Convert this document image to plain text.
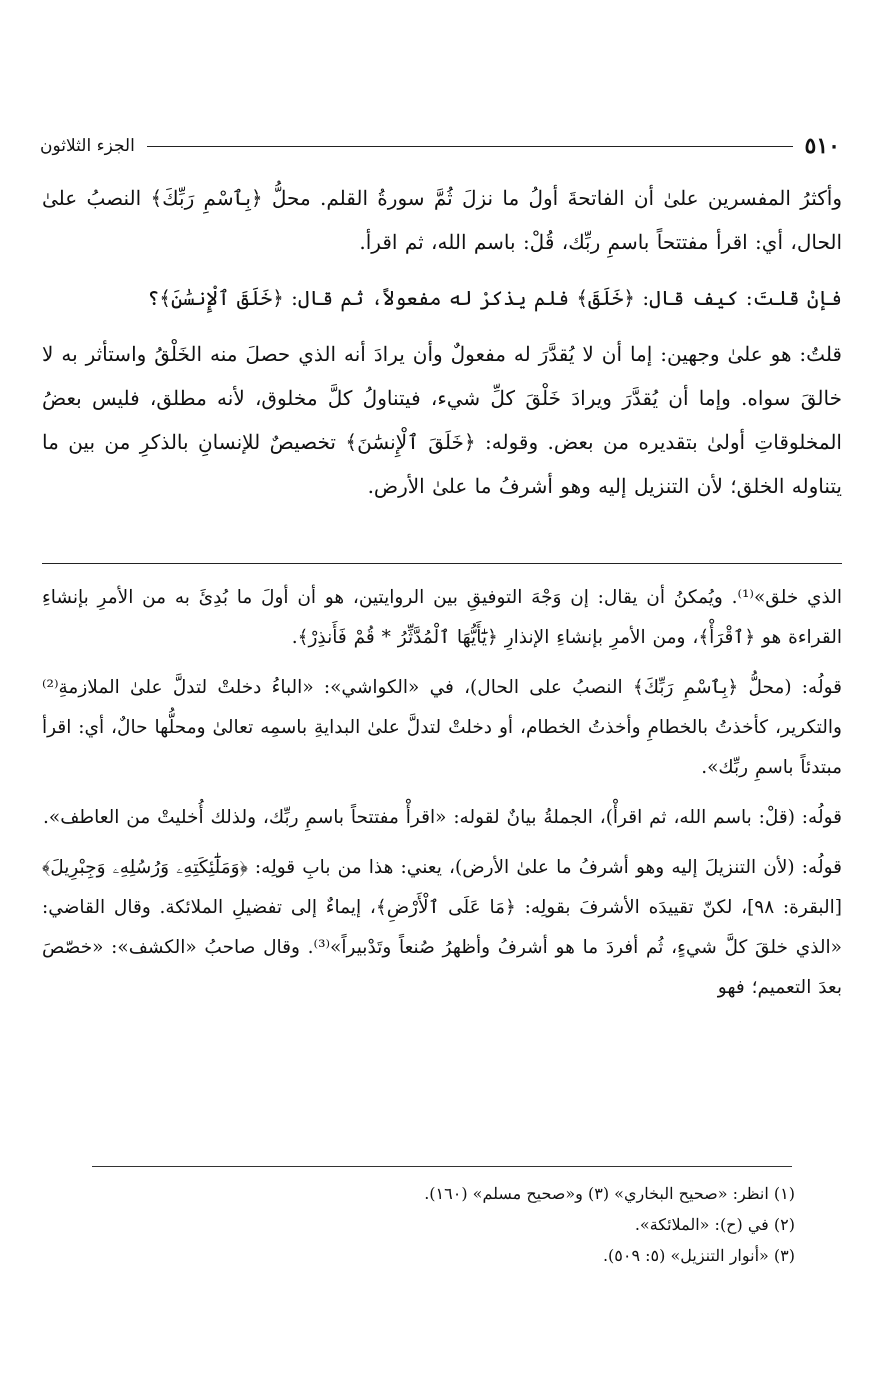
٥١٠
الجزء الثلاثون

وأكثرُ المفسرين علىٰ أن الفاتحةَ أولُ ما نزلَ ثُمَّ سورةُ القلم. محلُّ ﴿بِٱسْمِ رَبِّكَ﴾ النصبُ علىٰ الحال، أي: اقرأ مفتتحاً باسمِ ربِّك، قُلْ: باسم الله، ثم اقرأ.

فإنْ قلتَ: كيف قال: ﴿خَلَقَ﴾ فلم يذكرْ له مفعولاً، ثم قال: ﴿خَلَقَ ٱلْإِنسَٰنَ﴾؟

قلتُ: هو علىٰ وجهين: إما أن لا يُقدَّرَ له مفعولٌ وأن يرادَ أنه الذي حصلَ منه الخَلْقُ واستأثر به لا خالقَ سواه. وإما أن يُقدَّرَ ويرادَ خَلْقَ كلِّ شيء، فيتناولُ كلَّ مخلوق، لأنه مطلق، فليس بعضُ المخلوقاتِ أولىٰ بتقديره من بعض. وقوله: ﴿خَلَقَ ٱلْإِنسَٰنَ﴾ تخصيصٌ للإنسانِ بالذكرِ من بين ما يتناوله الخلق؛ لأن التنزيل إليه وهو أشرفُ ما علىٰ الأرض.

الذي خلق»⁽¹⁾. ويُمكنُ أن يقال: إن وَجْهَ التوفيقِ بين الروايتين، هو أن أولَ ما بُدِئَ به من الأمرِ بإنشاءِ القراءة هو ﴿ٱقْرَأْ﴾، ومن الأمرِ بإنشاءِ الإنذارِ ﴿يَٰٓأَيُّهَا ٱلْمُدَّثِّرُ * قُمْ فَأَنذِرْ﴾.

قولُه: (محلُّ ﴿بِٱسْمِ رَبِّكَ﴾ النصبُ على الحال)، في «الكواشي»: «الباءُ دخلتْ لتدلَّ علىٰ الملازمةِ⁽²⁾ والتكرير، كأخذتُ بالخطامِ وأخذتُ الخطام، أو دخلتْ لتدلَّ علىٰ البدايةِ باسمِه تعالىٰ ومحلُّها حالٌ، أي: اقرأ مبتدئاً باسمِ ربِّك».

قولُه: (قلْ: باسم الله، ثم اقرأْ)، الجملةُ بيانٌ لقوله: «اقرأْ مفتتحاً باسمِ ربِّك، ولذلك أُخليتْ من العاطف».

قولُه: (لأن التنزيلَ إليه وهو أشرفُ ما علىٰ الأرض)، يعني: هذا من بابِ قولِه: ﴿وَمَلَٰٓئِكَتِهِۦ وَرُسُلِهِۦ وَجِبْرِيلَ﴾ [البقرة: ٩٨]، لكنّ تقييدَه الأشرفَ بقولِه: ﴿مَا عَلَى ٱلْأَرْضِ﴾، إيماءٌ إلى تفضيلِ الملائكة. وقال القاضي: «الذي خلقَ كلَّ شيءٍ، ثُم أفردَ ما هو أشرفُ وأظهرُ صُنعاً وتَدْبيراً»⁽³⁾. وقال صاحبُ «الكشف»: «خصّصَ بعدَ التعميم؛ فهو

(١) انظر: «صحيح البخاري» (٣) و«صحيح مسلم» (١٦٠).
(٢) في (ح): «الملائكة».
(٣) «أنوار التنزيل» (٥: ٥٠٩).
